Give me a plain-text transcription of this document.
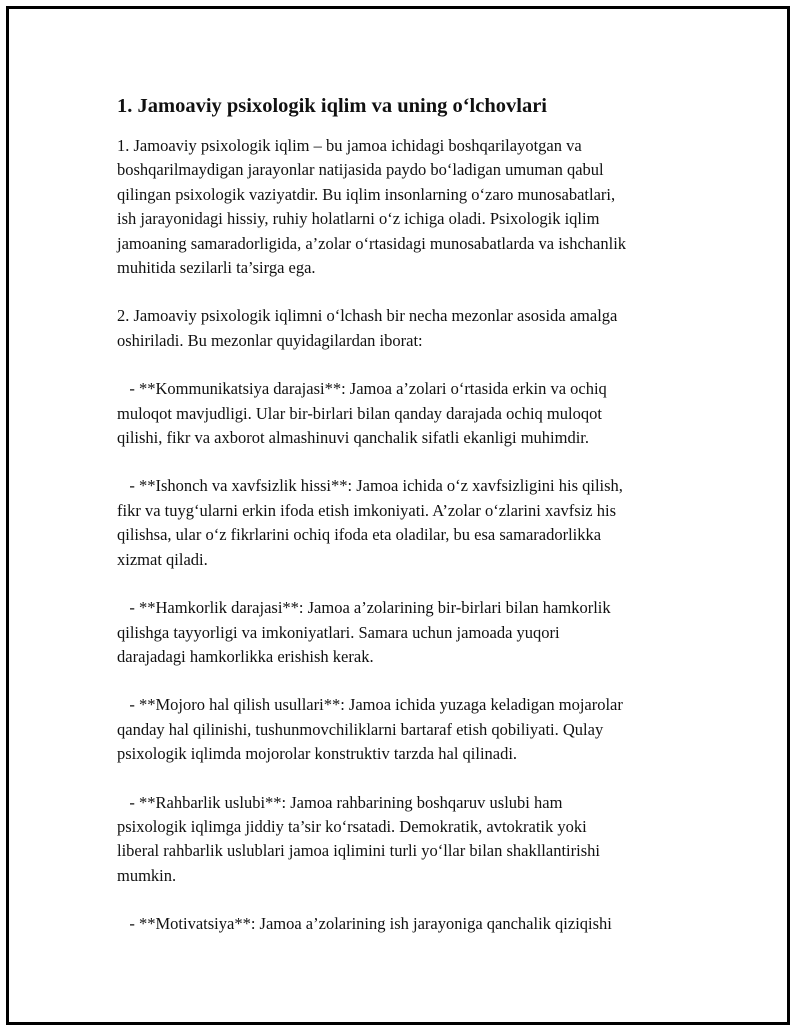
1. Jamoaviy psixologik iqlim va uning o‘lchovlari

1. Jamoaviy psixologik iqlim – bu jamoa ichidagi boshqarilayotgan va
boshqarilmaydigan jarayonlar natijasida paydo bo‘ladigan umuman qabul
qilingan psixologik vaziyatdir. Bu iqlim insonlarning o‘zaro munosabatlari,
ish jarayonidagi hissiy, ruhiy holatlarni o‘z ichiga oladi. Psixologik iqlim
jamoaning samaradorligida, a’zolar o‘rtasidagi munosabatlarda va ishchanlik
muhitida sezilarli ta’sirga ega.

2. Jamoaviy psixologik iqlimni o‘lchash bir necha mezonlar asosida amalga
oshiriladi. Bu mezonlar quyidagilardan iborat:

- **Kommunikatsiya darajasi**: Jamoa a’zolari o‘rtasida erkin va ochiq
muloqot mavjudligi. Ular bir-birlari bilan qanday darajada ochiq muloqot
qilishi, fikr va axborot almashinuvi qanchalik sifatli ekanligi muhimdir.

- **Ishonch va xavfsizlik hissi**: Jamoa ichida o‘z xavfsizligini his qilish,
fikr va tuyg‘ularni erkin ifoda etish imkoniyati. A’zolar o‘zlarini xavfsiz his
qilishsa, ular o‘z fikrlarini ochiq ifoda eta oladilar, bu esa samaradorlikka
xizmat qiladi.

- **Hamkorlik darajasi**: Jamoa a’zolarining bir-birlari bilan hamkorlik
qilishga tayyorligi va imkoniyatlari. Samara uchun jamoada yuqori
darajadagi hamkorlikka erishish kerak.

- **Mojoro hal qilish usullari**: Jamoa ichida yuzaga keladigan mojarolar
qanday hal qilinishi, tushunmovchiliklarni bartaraf etish qobiliyati. Qulay
psixologik iqlimda mojorolar konstruktiv tarzda hal qilinadi.

- **Rahbarlik uslubi**: Jamoa rahbarining boshqaruv uslubi ham
psixologik iqlimga jiddiy ta’sir ko‘rsatadi. Demokratik, avtokratik yoki
liberal rahbarlik uslublari jamoa iqlimini turli yo‘llar bilan shakllantirishi
mumkin.

- **Motivatsiya**: Jamoa a’zolarining ish jarayoniga qanchalik qiziqishi
